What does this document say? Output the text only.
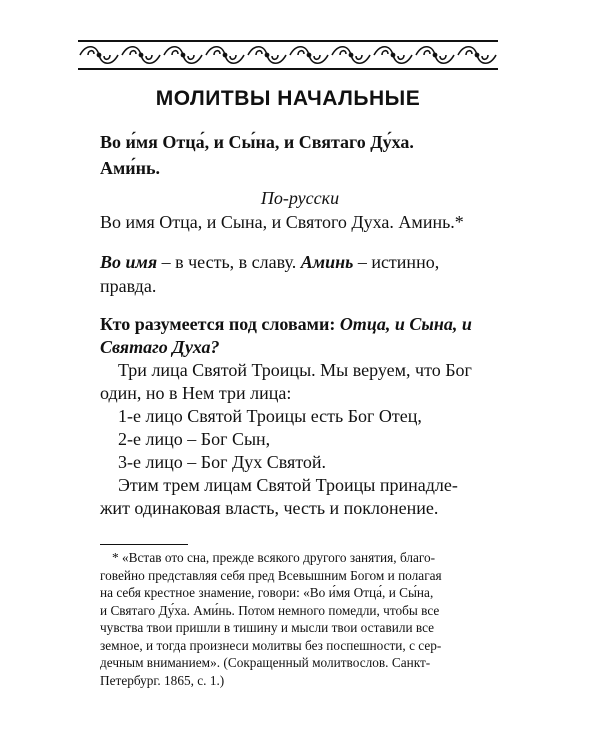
МОЛИТВЫ НАЧАЛЬНЫЕ
Во и́мя Отца́, и Сы́на, и Святаго Ду́ха.
Ами́нь.
По-русски
Во имя Отца, и Сына, и Святого Духа. Аминь.*
Во имя – в честь, в славу. Аминь – истинно,
правда.
Кто разумеется под словами: Отца, и Сына, и
Святаго Духа?
Три лица Святой Троицы. Мы веруем, что Бог
один, но в Нем три лица:
1-е лицо Святой Троицы есть Бог Отец,
2-е лицо – Бог Сын,
3-е лицо – Бог Дух Святой.
Этим трем лицам Святой Троицы принадле-
жит одинаковая власть, честь и поклонение.
* «Встав ото сна, прежде всякого другого занятия, благо-
говейно представляя себя пред Всевышним Богом и полагая
на себя крестное знамение, говори: «Во и́мя Отца́, и Сы́на,
и Святаго Ду́ха. Ами́нь. Потом немного помедли, чтобы все
чувства твои пришли в тишину и мысли твои оставили все
земное, и тогда произнеси молитвы без поспешности, с сер-
дечным вниманием». (Сокращенный молитвослов. Санкт-
Петербург. 1865, с. 1.)
